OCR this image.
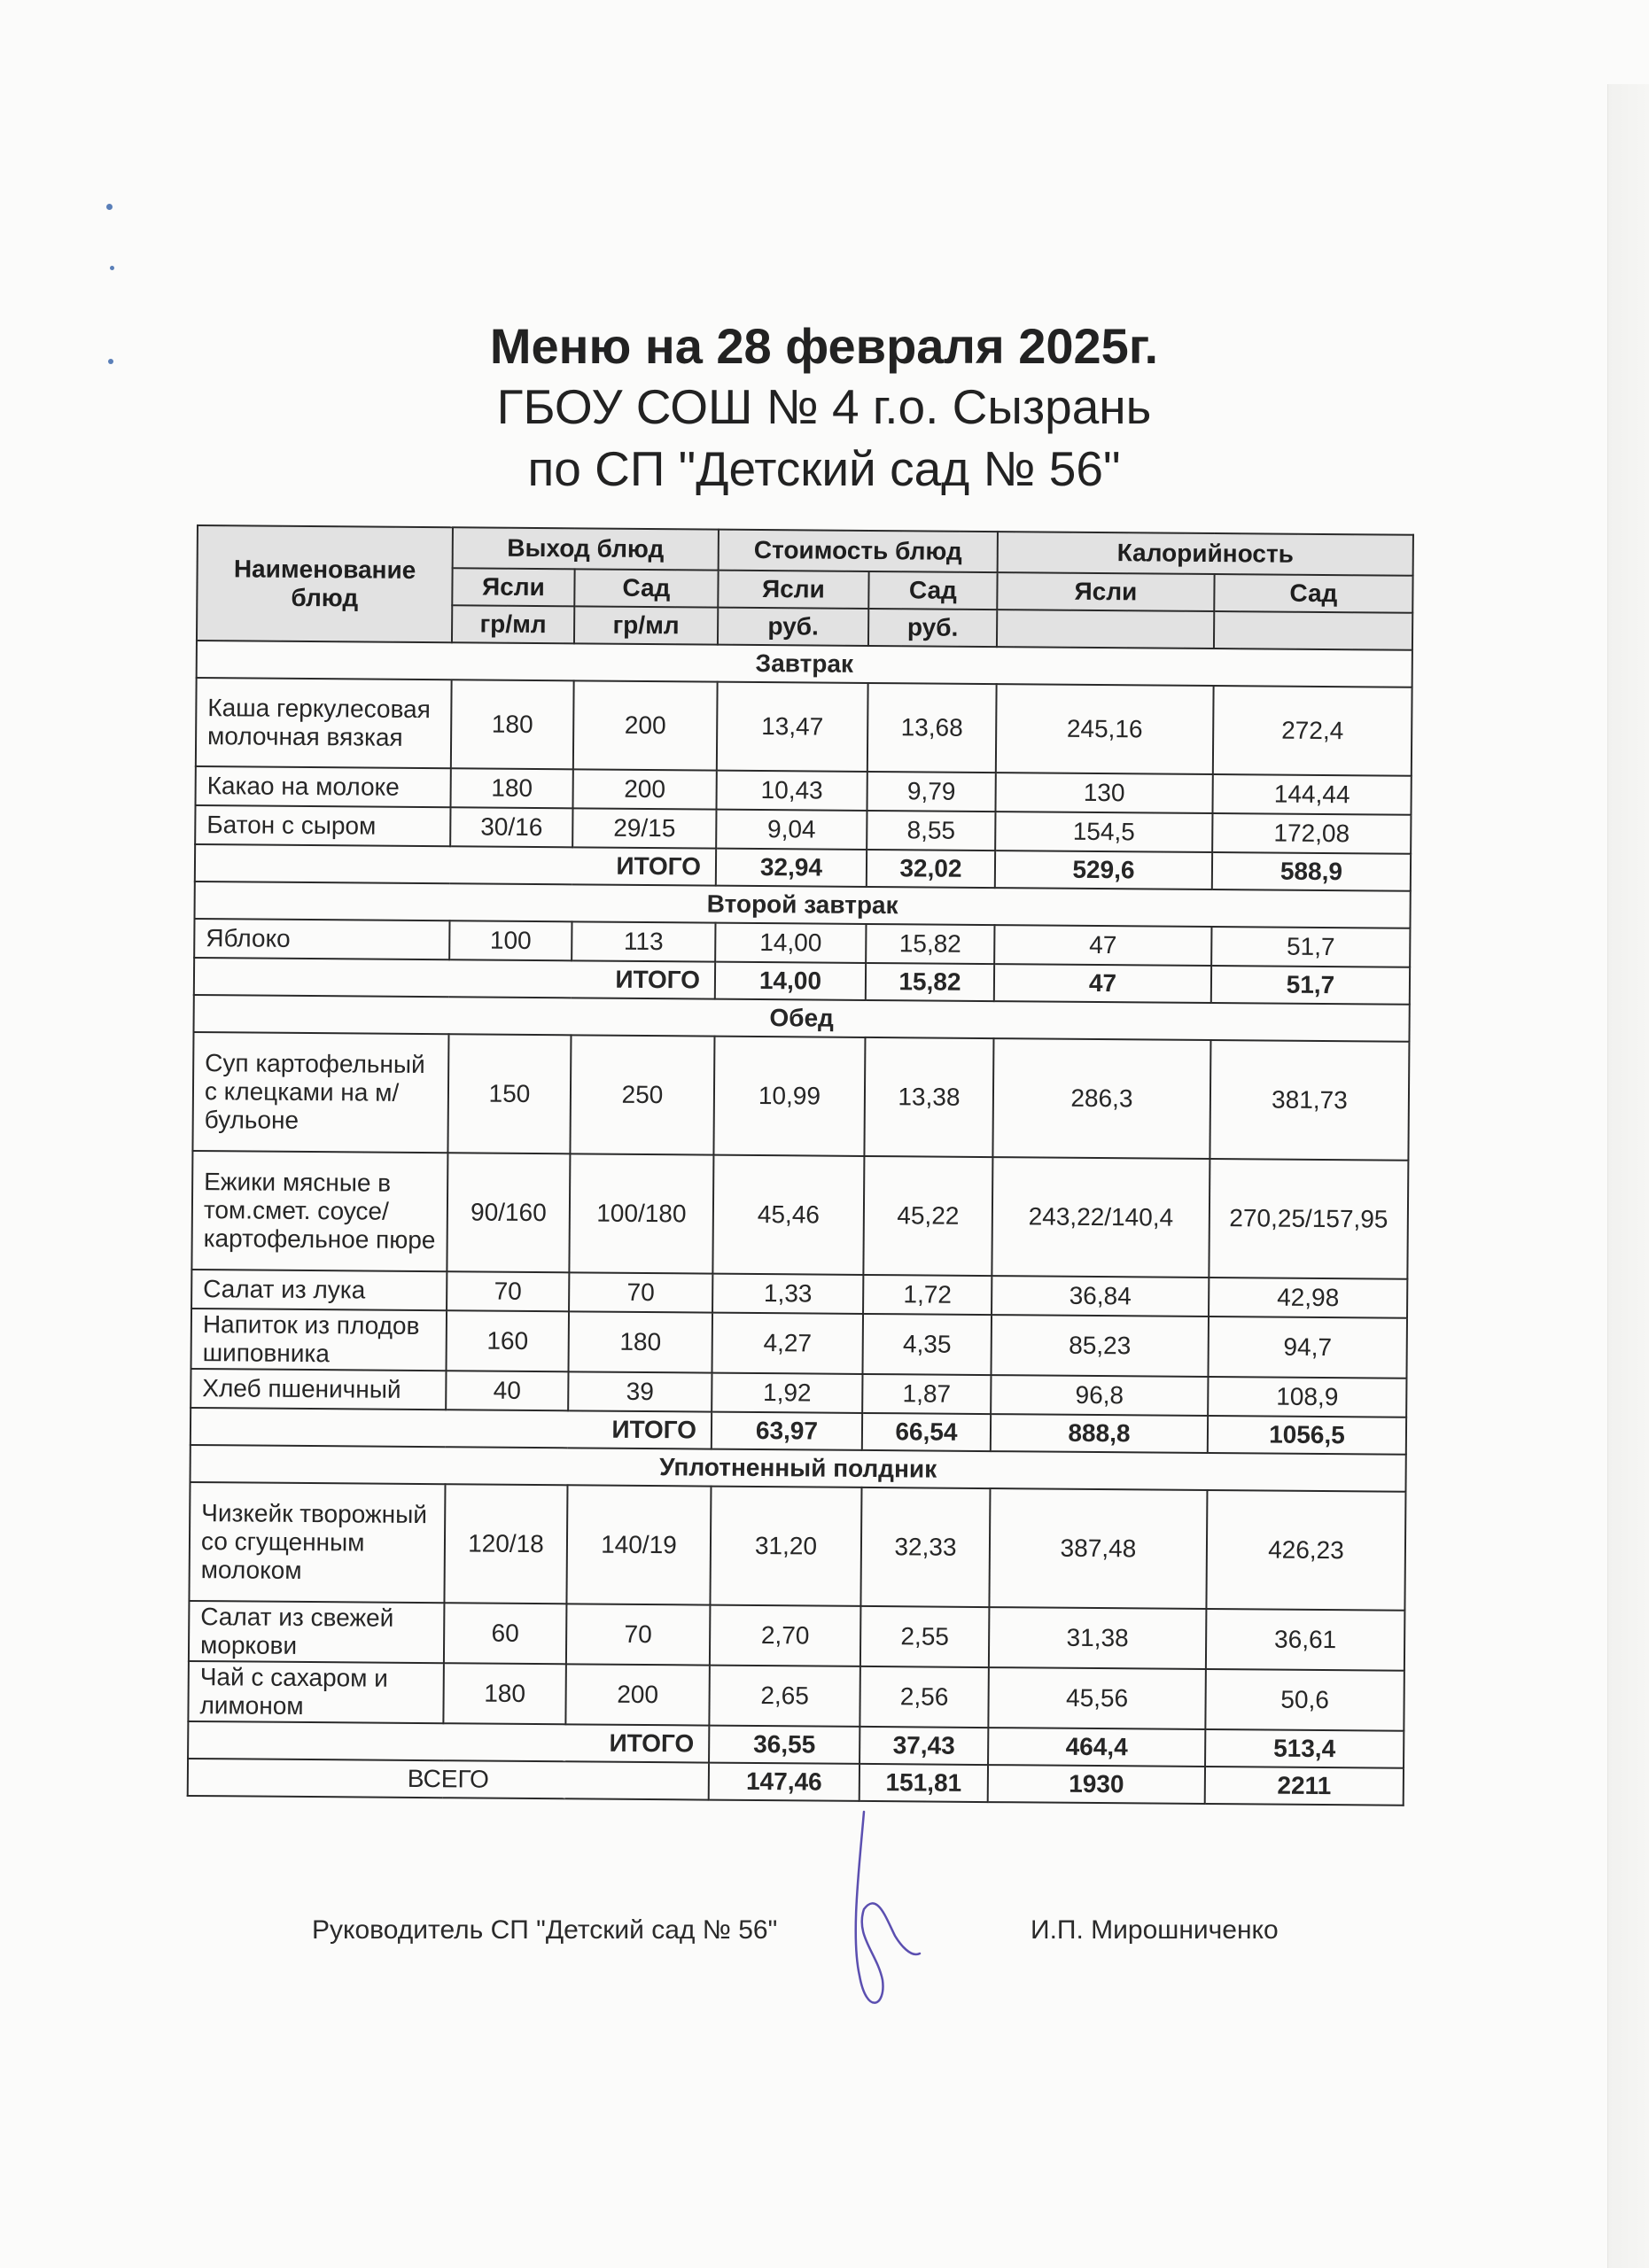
Меню на 28 февраля 2025г.
ГБОУ СОШ № 4 г.о. Сызрань
по СП "Детский сад № 56"
Наименование блюд	Выход блюд		Стоимость блюд		Калорийность	
	Ясли	Сад	Ясли	Сад	Ясли	Сад
	гр/мл	гр/мл	руб.	руб.		
Завтрак						
Каша геркулесовая молочная вязкая	180	200	13,47	13,68	245,16	272,4
Какао на молоке	180	200	10,43	9,79	130	144,44
Батон с сыром	30/16	29/15	9,04	8,55	154,5	172,08
ИТОГО			32,94	32,02	529,6	588,9
Второй завтрак						
Яблоко	100	113	14,00	15,82	47	51,7
ИТОГО			14,00	15,82	47	51,7
Обед						
Суп картофельный с клецками на м/бульоне	150	250	10,99	13,38	286,3	381,73
Ежики мясные в том.смет. соусе/ картофельное пюре	90/160	100/180	45,46	45,22	243,22/140,4	270,25/157,95
Салат из лука	70	70	1,33	1,72	36,84	42,98
Напиток из плодов шиповника	160	180	4,27	4,35	85,23	94,7
Хлеб пшеничный	40	39	1,92	1,87	96,8	108,9
ИТОГО			63,97	66,54	888,8	1056,5
Уплотненный полдник						
Чизкейк творожный со сгущенным молоком	120/18	140/19	31,20	32,33	387,48	426,23
Салат из свежей моркови	60	70	2,70	2,55	31,38	36,61
Чай с сахаром и лимоном	180	200	2,65	2,56	45,56	50,6
ИТОГО			36,55	37,43	464,4	513,4
ВСЕГО			147,46	151,81	1930	2211
Руководитель СП "Детский сад № 56"	И.П. Мирошниченко
